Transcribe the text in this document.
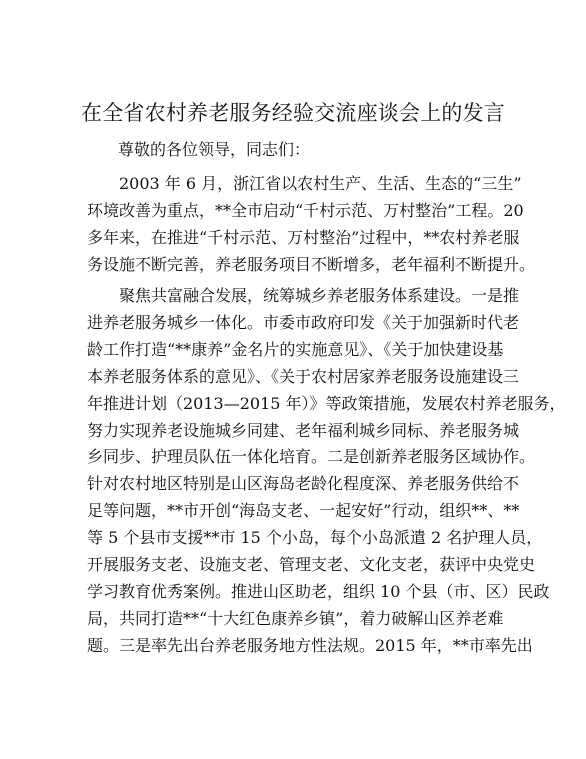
在全省农村养老服务经验交流座谈会上的发言
尊敬的各位领导，同志们：
2003 年 6 月，浙江省以农村生产、生活、生态的“三生”
环境改善为重点，**全市启动“千村示范、万村整治”工程。20
多年来，在推进“千村示范、万村整治”过程中，**农村养老服
务设施不断完善，养老服务项目不断增多，老年福利不断提升。
聚焦共富融合发展，统筹城乡养老服务体系建设。一是推
进养老服务城乡一体化。市委市政府印发《关于加强新时代老
龄工作打造“**康养”金名片的实施意见》、《关于加快建设基
本养老服务体系的意见》、《关于农村居家养老服务设施建设三
年推进计划（2013—2015 年）》等政策措施，发展农村养老服务，
努力实现养老设施城乡同建、老年福利城乡同标、养老服务城
乡同步、护理员队伍一体化培育。二是创新养老服务区域协作。
针对农村地区特别是山区海岛老龄化程度深、养老服务供给不
足等问题，**市开创“海岛支老、一起安好”行动，组织**、**
等 5 个县市支援**市 15 个小岛，每个小岛派遣 2 名护理人员，
开展服务支老、设施支老、管理支老、文化支老，获评中央党史
学习教育优秀案例。推进山区助老，组织 10 个县（市、区）民政
局，共同打造**“十大红色康养乡镇”，着力破解山区养老难
题。三是率先出台养老服务地方性法规。2015 年，**市率先出
